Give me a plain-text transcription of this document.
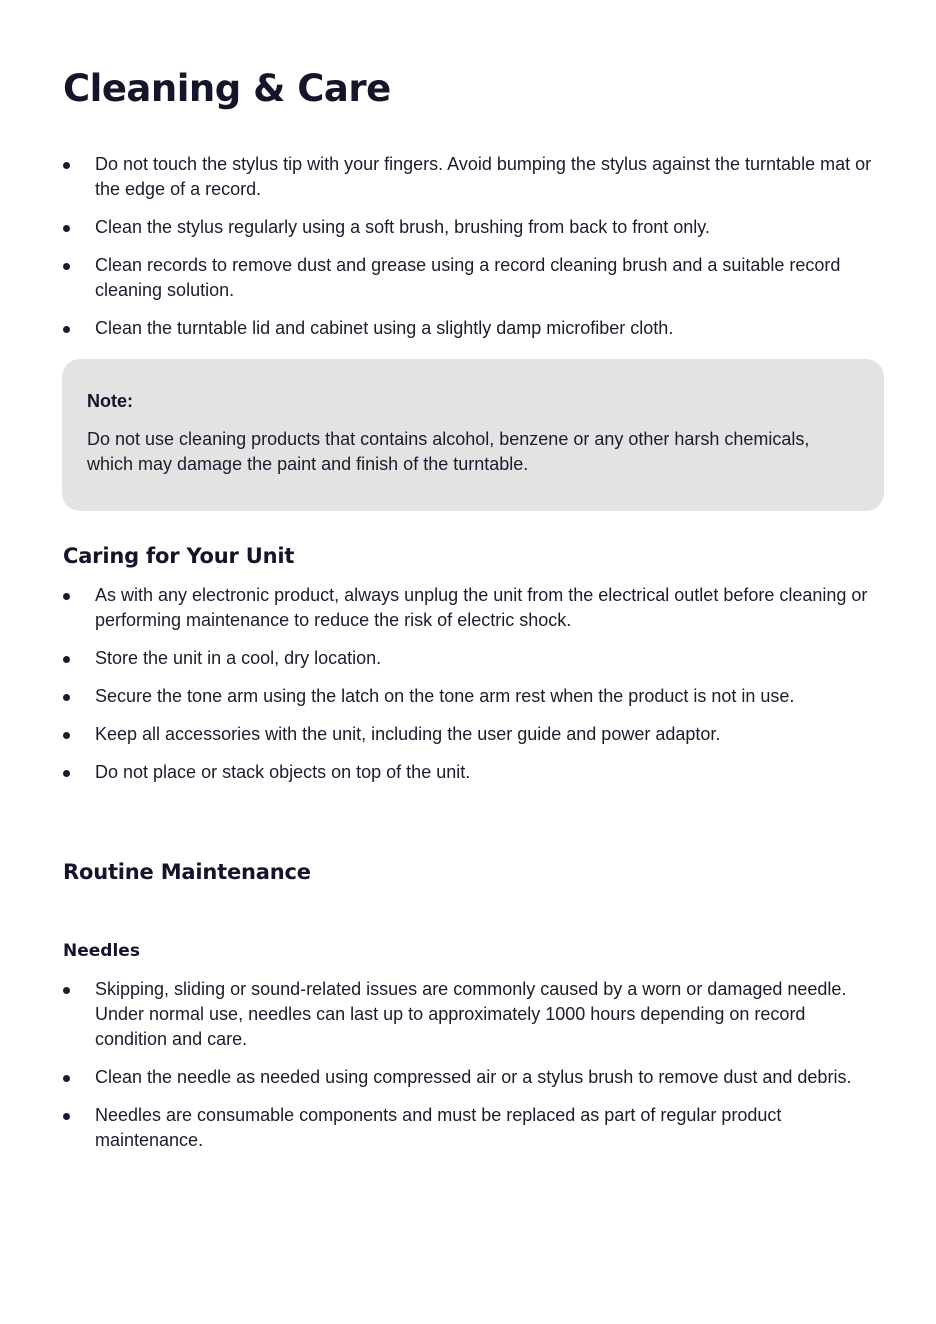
Cleaning & Care
Do not touch the stylus tip with your fingers. Avoid bumping the stylus against the turntable mat or the edge of a record.
Clean the stylus regularly using a soft brush, brushing from back to front only.
Clean records to remove dust and grease using a record cleaning brush and a suitable record cleaning solution.
Clean the turntable lid and cabinet using a slightly damp microfiber cloth.
Note:
Do not use cleaning products that contains alcohol, benzene or any other harsh chemicals, which may damage the paint and finish of the turntable.
Caring for Your Unit
As with any electronic product, always unplug the unit from the electrical outlet before cleaning or performing maintenance to reduce the risk of electric shock.
Store the unit in a cool, dry location.
Secure the tone arm using the latch on the tone arm rest when the product is not in use.
Keep all accessories with the unit, including the user guide and power adaptor.
Do not place or stack objects on top of the unit.
Routine Maintenance
Needles
Skipping, sliding or sound-related issues are commonly caused by a worn or damaged needle. Under normal use, needles can last up to approximately 1000 hours depending on record condition and care.
Clean the needle as needed using compressed air or a stylus brush to remove dust and debris.
Needles are consumable components and must be replaced as part of regular product maintenance.
